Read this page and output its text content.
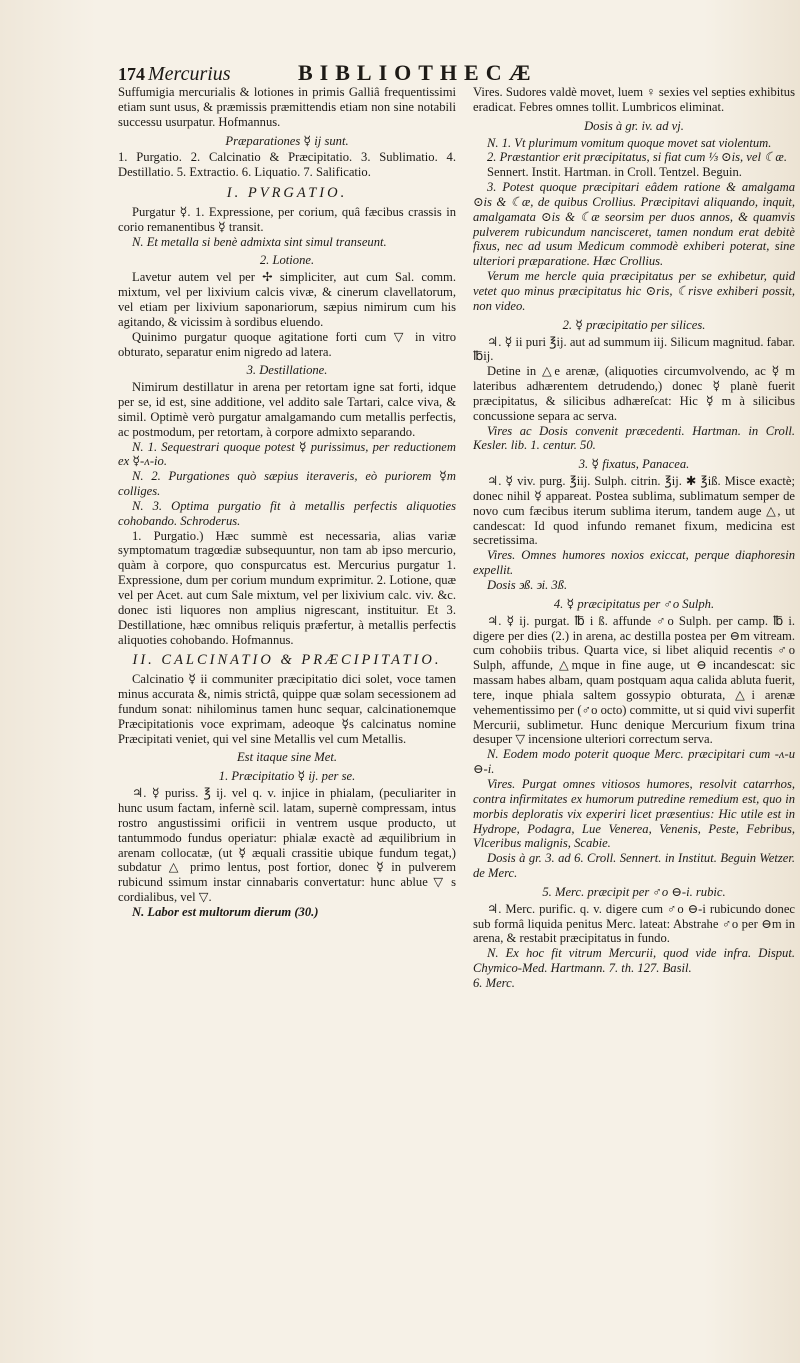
174 Mercurius	BIBLIOTHECÆ

Suffumigia mercurialis & lotiones in primis Galliâ frequentissimi etiam sunt usus, & præmissis præmittendis etiam non sine notabili successu usurpatur. Hofmannus.

Præparationes ☿ ij sunt.

1. Purgatio. 2. Calcinatio & Præcipitatio. 3. Sublimatio. 4. Destillatio. 5. Extractio. 6. Liquatio. 7. Salificatio.

I. PVRGATIO.

Purgatur ☿. 1. Expressione, per corium, quâ fæcibus crassis in corio remanentibus ☿ transit.

N. Et metalla si benè admixta sint simul transeunt.

2. Lotione.

Lavetur autem vel per ✢ simpliciter, aut cum Sal. comm. mixtum, vel per lixivium calcis vivæ, & cinerum clavellatorum, vel etiam per lixivium saponariorum, sæpius nimirum cum his agitando, & vicissim à sordibus eluendo.

Quinimo purgatur quoque agitatione forti cum ▽ in vitro obturato, separatur enim nigredo ad latera.

3. Destillatione.

Nimirum destillatur in arena per retortam igne sat forti, idque per se, id est, sine additione, vel addito sale Tartari, calce viva, & simil. Optimè verò purgatur amalgamando cum metallis perfectis, ac postmodum, per retortam, à corpore admixto separando.

N. 1. Sequestrari quoque potest ☿ purissimus, per reductionem ex ☿-ʌ-io.

N. 2. Purgationes quò sæpius iteraveris, eò puriorem ☿m colliges.

N. 3. Optima purgatio fit à metallis perfectis aliquoties cohobando. Schroderus.

1. Purgatio.) Hæc summè est necessaria, alias variæ symptomatum tragœdiæ subsequuntur, non tam ab ipso mercurio, quàm à corpore, quo conspurcatus est. Mercurius purgatur 1. Expressione, dum per corium mundum exprimitur. 2. Lotione, quæ vel per Acet. aut cum Sale mixtum, vel per lixivium calc. viv. &c. donec isti liquores non amplius nigrescant, instituitur. Et 3. Destillatione, hæc omnibus reliquis præfertur, à metallis perfectis aliquoties cohobando. Hofmannus.

II. CALCINATIO & PRÆCIPITATIO.

Calcinatio ☿ ii communiter præcipitatio dici solet, voce tamen minus accurata &, nimis strictâ, quippe quæ solam secessionem ad fundum sonat: nihilominus tamen hunc sequar, calcinationemque Præcipitationis voce exprimam, adeoque ☿s calcinatus nomine Præcipitati veniet, qui vel sine Metallis vel cum Metallis.

Est itaque sine Met.

1. Præcipitatio ☿ ij. per se.

♃. ☿ puriss. ℥ ij. vel q. v. injice in phialam, (peculiariter in hunc usum factam, infernè scil. latam, supernè compressam, intus rostro angustissimi orificii in ventrem usque producto, ut tantummodo fundus operiatur: phialæ exactè ad æquilibrium in arenam collocatæ, (ut ☿ æquali crassitie ubique fundum tegat,) subdatur △ primo lentus, post fortior, donec ☿ in pulverem rubicund ssimum instar cinnabaris convertatur: hunc ablue ▽ s cordialibus, vel ▽.

N. Labor est multorum dierum (30.)

Vires. Sudores valdè movet, luem ♀ sexies vel septies exhibitus eradicat. Febres omnes tollit. Lumbricos eliminat.

Dosis à gr. iv. ad vj.

N. 1. Vt plurimum vomitum quoque movet sat violentum.

2. Præstantior erit præcipitatus, si fiat cum ⅓ ⊙is, vel ☾æ.

Sennert. Instit. Hartman. in Croll. Tentzel. Beguin.

3. Potest quoque præcipitari eâdem ratione & amalgama ⊙is & ☾æ, de quibus Crollius. Præcipitavi aliquando, inquit, amalgamata ⊙is & ☾æ seorsim per duos annos, & quamvis pulverem rubicundum nancisceret, tamen nondum erat debitè fixus, nec ad usum Medicum commodè exhiberi poterat, sine ulteriori præparatione. Hæc Crollius.

Verum me hercle quia præcipitatus per se exhibetur, quid vetet quo minus præcipitatus hic ⊙ris, ☾risve exhiberi possit, non video.

2. ☿ præcipitatio per silices.

♃. ☿ ii puri ℥ij. aut ad summum iij. Silicum magnitud. fabar. ℔ij.

Detine in △e arenæ, (aliquoties circumvolvendo, ac ☿ m lateribus adhærentem detrudendo,) donec ☿ planè fuerit præcipitatus, & silicibus adhæreſcat: Hic ☿ m à silicibus concussione separa ac serva.

Vires ac Dosis convenit præcedenti. Hartman. in Croll. Kesler. lib. 1. centur. 50.

3. ☿ fixatus, Panacea.

♃. ☿ viv. purg. ℥iij. Sulph. citrin. ℥ij. ✱ ℥iß. Misce exactè; donec nihil ☿ appareat. Postea sublima, sublimatum semper de novo cum fæcibus iterum sublima iterum, tandem auge △, ut candescat: Id quod infundo remanet fixum, medicina est secretissima.

Vires. Omnes humores noxios exiccat, perque diaphoresin expellit.

Dosis ϶ß. ϶i. 3ß.

4. ☿ præcipitatus per ♂o Sulph.

♃. ☿ ij. purgat. ℔ i ß. affunde ♂o Sulph. per camp. ℔ i. digere per dies (2.) in arena, ac destilla postea per ⊖m vitream. cum cohobiis tribus. Quarta vice, si libet aliquid recentis ♂o Sulph, affunde, △mque in fine auge, ut ⊖ incandescat: sic massam habes albam, quam postquam aqua calida abluta fuerit, tere, inque phiala saltem gossypio obturata, △i arenæ vehementissimo per (♂o octo) committe, ut si quid vivi superfit Mercurii, sublimetur. Hunc denique Mercurium fixum trina desuper ▽ incensione ulteriori correctum serva.

N. Eodem modo poterit quoque Merc. præcipitari cum -ʌ-u ⊖-i.

Vires. Purgat omnes vitiosos humores, resolvit catarrhos, contra infirmitates ex humorum putredine remedium est, quo in morbis deploratis vix experiri licet præsentius: Hic utile est in Hydrope, Podagra, Lue Venerea, Venenis, Peste, Febribus, Vlceribus malignis, Scabie.

Dosis à gr. 3. ad 6. Croll. Sennert. in Institut. Beguin Wetzer. de Merc.

5. Merc. præcipit per ♂o ⊖-i. rubic.

♃. Merc. purific. q. v. digere cum ♂o ⊖-i rubicundo donec sub formâ liquida penitus Merc. lateat: Abstrahe ♂o per ⊖m in arena, & restabit præcipitatus in fundo.

N. Ex hoc fit vitrum Mercurii, quod vide infra. Disput. Chymico-Med. Hartmann. 7. th. 127. Basil.

6. Merc.
